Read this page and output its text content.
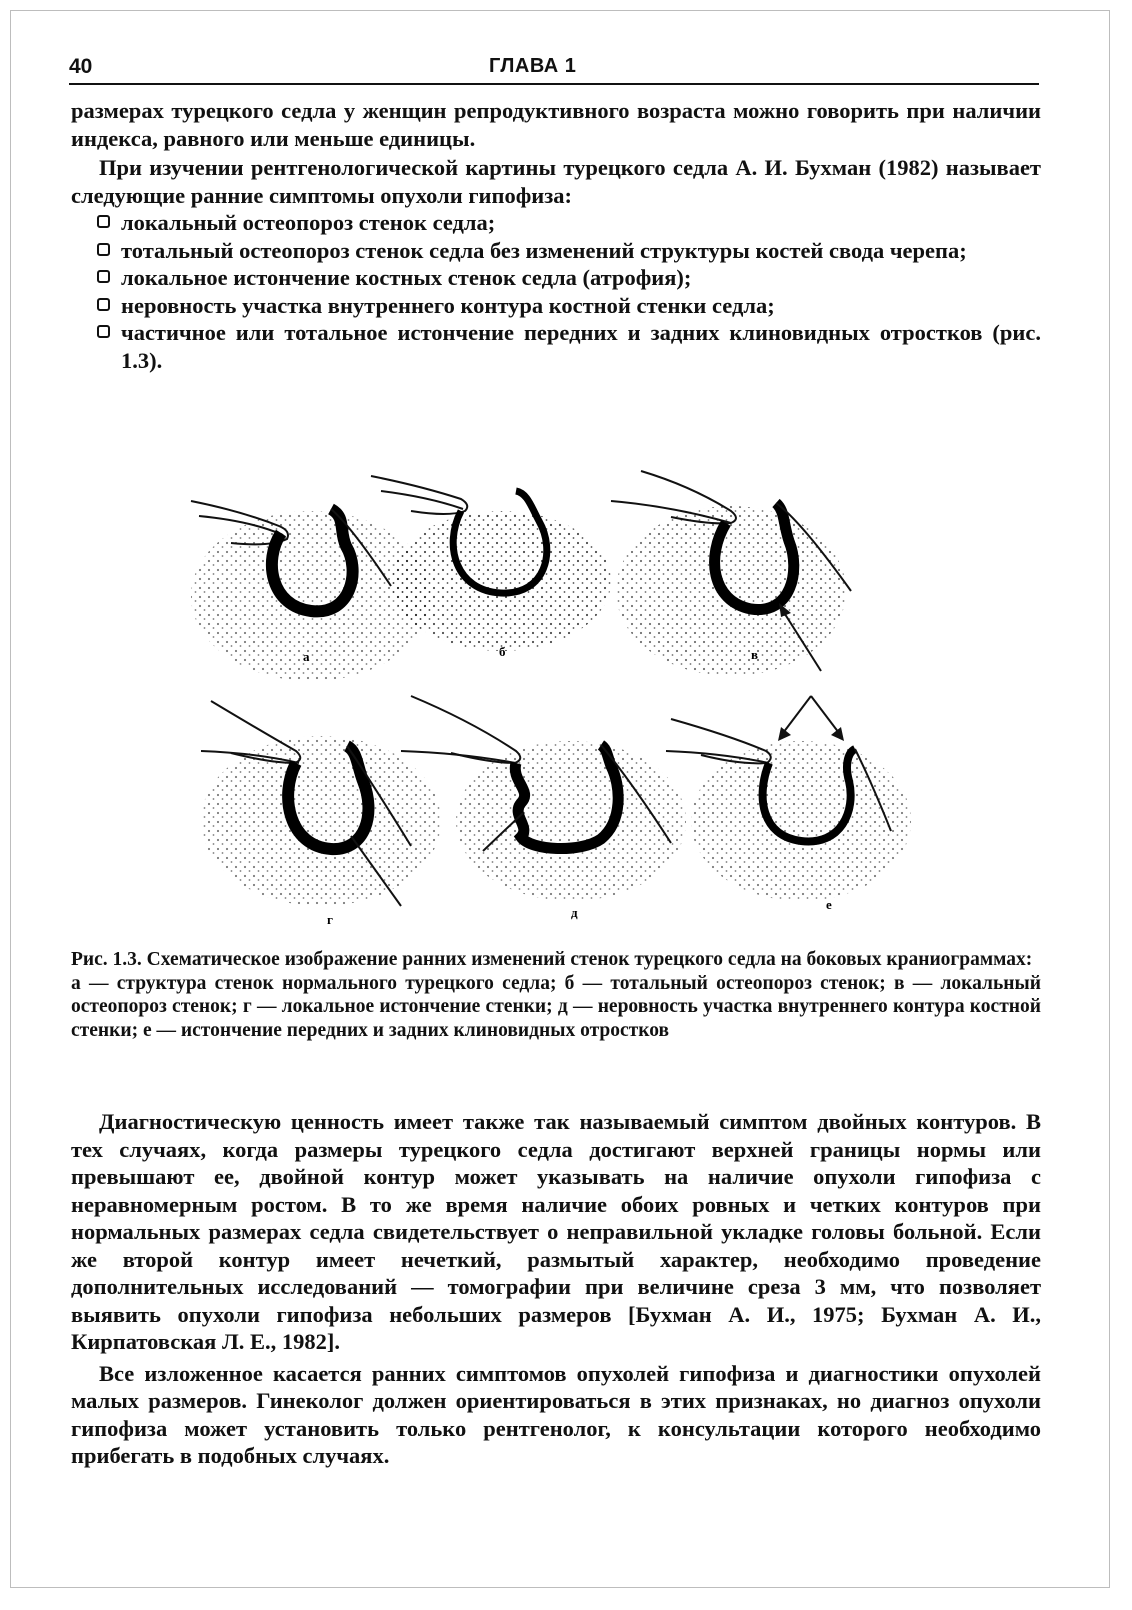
40	ГЛАВА 1

размерах турецкого седла у женщин репродуктивного возраста можно говорить при наличии индекса, равного или меньше единицы.

При изучении рентгенологической картины турецкого седла А. И. Бухман (1982) называет следующие ранние симптомы опухоли гипофиза:

локальный остеопороз стенок седла;
тотальный остеопороз стенок седла без изменений структуры костей свода черепа;
локальное истончение костных стенок седла (атрофия);
неровность участка внутреннего контура костной стенки седла;
частичное или тотальное истончение передних и задних клиновидных отростков (рис. 1.3).
а	б	в
г	д
е

Рис. 1.3. Схематическое изображение ранних изменений стенок турецкого седла на боковых краниограммах:

а — структура стенок нормального турецкого седла; б — тотальный остеопороз стенок; в — локальный остеопороз стенок; г — локальное истончение стенки; д — неровность участка внутреннего контура костной стенки; е — истончение передних и задних клиновидных отростков

Диагностическую ценность имеет также так называемый симптом двойных контуров. В тех случаях, когда размеры турецкого седла достигают верхней границы нормы или превышают ее, двойной контур может указывать на наличие опухоли гипофиза с неравномерным ростом. В то же время наличие обоих ровных и четких контуров при нормальных размерах седла свидетельствует о неправильной укладке головы больной. Если же второй контур имеет нечеткий, размытый характер, необходимо проведение дополнительных исследований — томографии при величине среза 3 мм, что позволяет выявить опухоли гипофиза небольших размеров [Бухман А. И., 1975; Бухман А. И., Кирпатовская Л. Е., 1982].

Все изложенное касается ранних симптомов опухолей гипофиза и диагностики опухолей малых размеров. Гинеколог должен ориентироваться в этих признаках, но диагноз опухоли гипофиза может установить только рентгенолог, к консультации которого необходимо прибегать в подобных случаях.
